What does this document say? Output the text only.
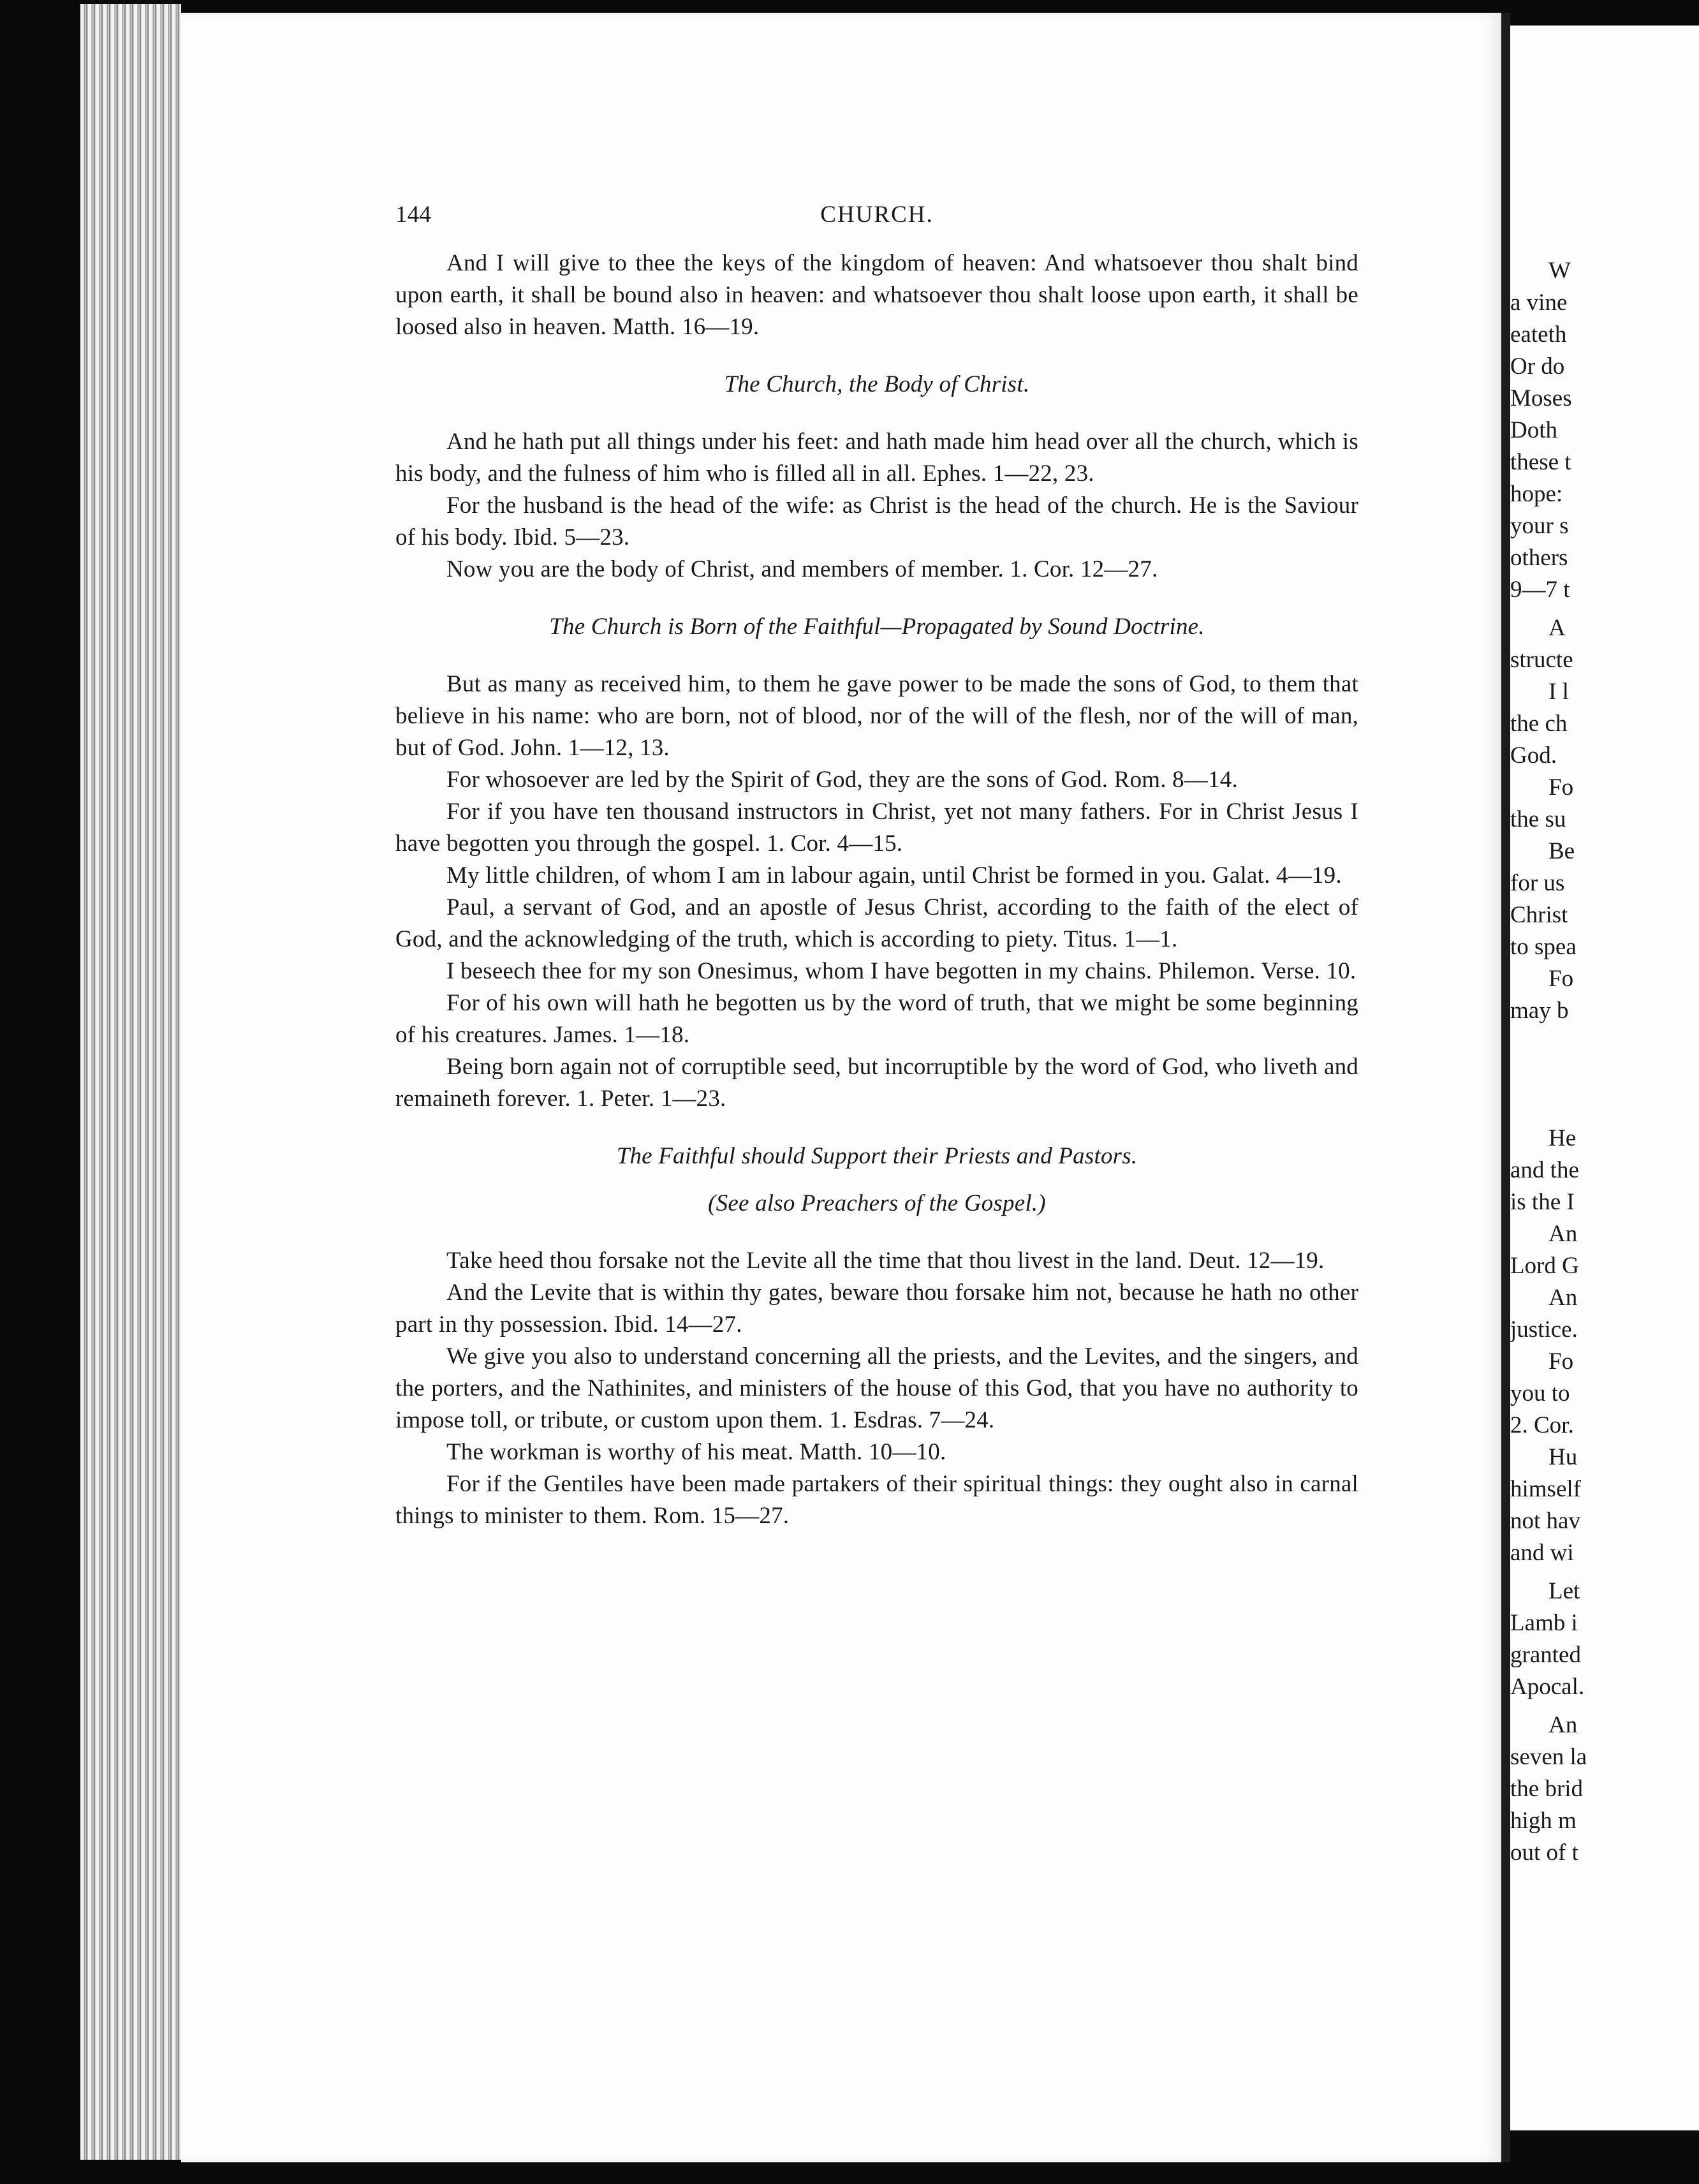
W
a vine
eateth
Or do
Moses
Doth
these t
hope:
your s
others
9—7 t
A
structe
I l
the ch
God.
Fo
the su
Be
for us
Christ
to spea
Fo
may b
He
and the
is the I
An
Lord G
An
justice.
Fo
you to
2. Cor.
Hu
himself
not hav
and wi
Let
Lamb i
granted
Apocal.
An
seven la
the brid
high m
out of t
144	CHURCH.

And I will give to thee the keys of the kingdom of heaven: And whatsoever thou shalt bind upon earth, it shall be bound also in heaven: and whatsoever thou shalt loose upon earth, it shall be loosed also in heaven. Matth. 16—19.

The Church, the Body of Christ.

And he hath put all things under his feet: and hath made him head over all the church, which is his body, and the fulness of him who is filled all in all. Ephes. 1—22, 23.

For the husband is the head of the wife: as Christ is the head of the church. He is the Saviour of his body. Ibid. 5—23.

Now you are the body of Christ, and members of member. 1. Cor. 12—27.

The Church is Born of the Faithful—Propagated by Sound Doctrine.

But as many as received him, to them he gave power to be made the sons of God, to them that believe in his name: who are born, not of blood, nor of the will of the flesh, nor of the will of man, but of God. John. 1—12, 13.

For whosoever are led by the Spirit of God, they are the sons of God. Rom. 8—14.

For if you have ten thousand instructors in Christ, yet not many fathers. For in Christ Jesus I have begotten you through the gospel. 1. Cor. 4—15.

My little children, of whom I am in labour again, until Christ be formed in you. Galat. 4—19.

Paul, a servant of God, and an apostle of Jesus Christ, according to the faith of the elect of God, and the acknowledging of the truth, which is according to piety. Titus. 1—1.

I beseech thee for my son Onesimus, whom I have begotten in my chains. Philemon. Verse. 10.

For of his own will hath he begotten us by the word of truth, that we might be some beginning of his creatures. James. 1—18.

Being born again not of corruptible seed, but incorruptible by the word of God, who liveth and remaineth forever. 1. Peter. 1—23.

The Faithful should Support their Priests and Pastors.
(See also Preachers of the Gospel.)

Take heed thou forsake not the Levite all the time that thou livest in the land. Deut. 12—19.

And the Levite that is within thy gates, beware thou forsake him not, because he hath no other part in thy possession. Ibid. 14—27.

We give you also to understand concerning all the priests, and the Levites, and the singers, and the porters, and the Nathinites, and ministers of the house of this God, that you have no authority to impose toll, or tribute, or custom upon them. 1. Esdras. 7—24.

The workman is worthy of his meat. Matth. 10—10.

For if the Gentiles have been made partakers of their spiritual things: they ought also in carnal things to minister to them. Rom. 15—27.
